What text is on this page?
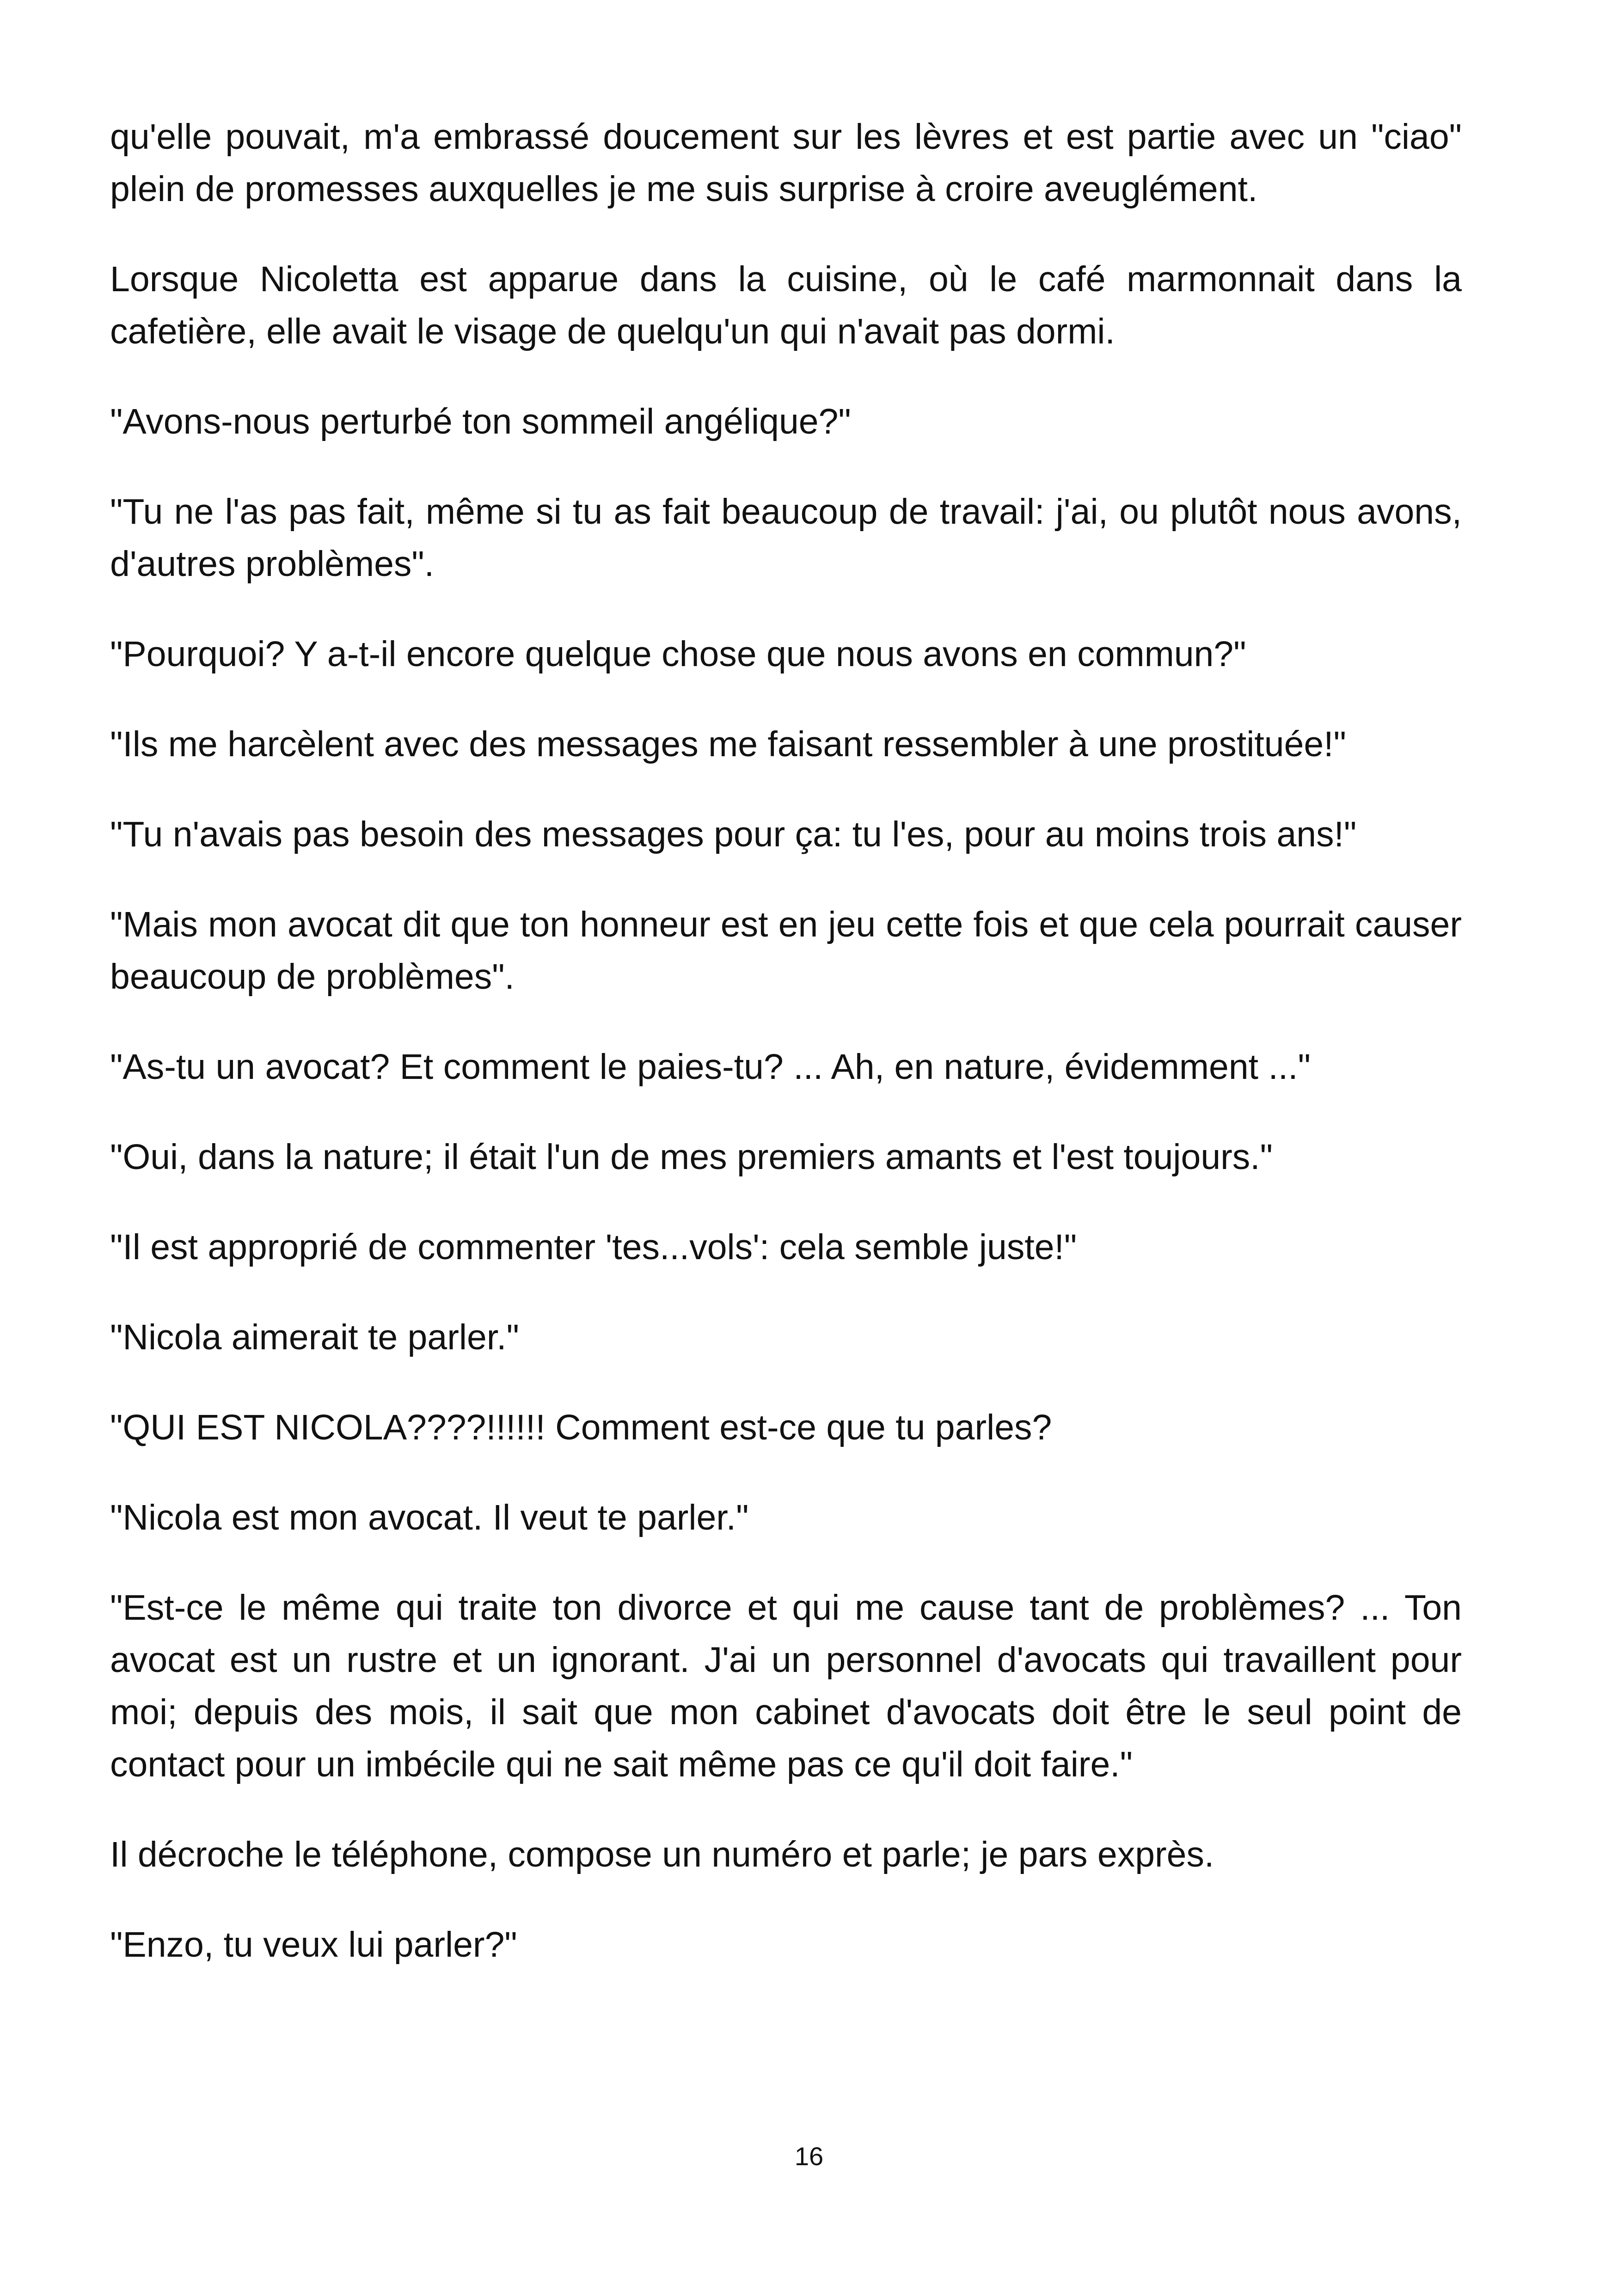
qu'elle pouvait, m'a embrassé doucement sur les lèvres et est partie avec un "ciao" plein de promesses auxquelles je me suis surprise à croire aveuglément.

Lorsque Nicoletta est apparue dans la cuisine, où le café marmonnait dans la cafetière, elle avait le visage de quelqu'un qui n'avait pas dormi.

"Avons-nous perturbé ton sommeil angélique?"

"Tu ne l'as pas fait, même si tu as fait beaucoup de travail: j'ai, ou plutôt nous avons, d'autres problèmes".

"Pourquoi? Y a-t-il encore quelque chose que nous avons en commun?"

"Ils me harcèlent avec des messages me faisant ressembler à une prostituée!"

"Tu n'avais pas besoin des messages pour ça: tu l'es, pour au moins trois ans!"

"Mais mon avocat dit que ton honneur est en jeu cette fois et que cela pourrait causer beaucoup de problèmes".

"As-tu un avocat? Et comment le paies-tu? ... Ah, en nature, évidemment ..."

"Oui, dans la nature; il était l'un de mes premiers amants et l'est toujours."

"Il est approprié de commenter 'tes...vols': cela semble juste!"

"Nicola aimerait te parler."

"QUI EST NICOLA????!!!!!! Comment est-ce que tu parles?

"Nicola est mon avocat. Il veut te parler."

"Est-ce le même qui traite ton divorce et qui me cause tant de problèmes? ... Ton avocat est un rustre et un ignorant. J'ai un personnel d'avocats qui travaillent pour moi; depuis des mois, il sait que mon cabinet d'avocats doit être le seul point de contact pour un imbécile qui ne sait même pas ce qu'il doit faire."

Il décroche le téléphone, compose un numéro et parle; je pars exprès.

"Enzo, tu veux lui parler?"

16
